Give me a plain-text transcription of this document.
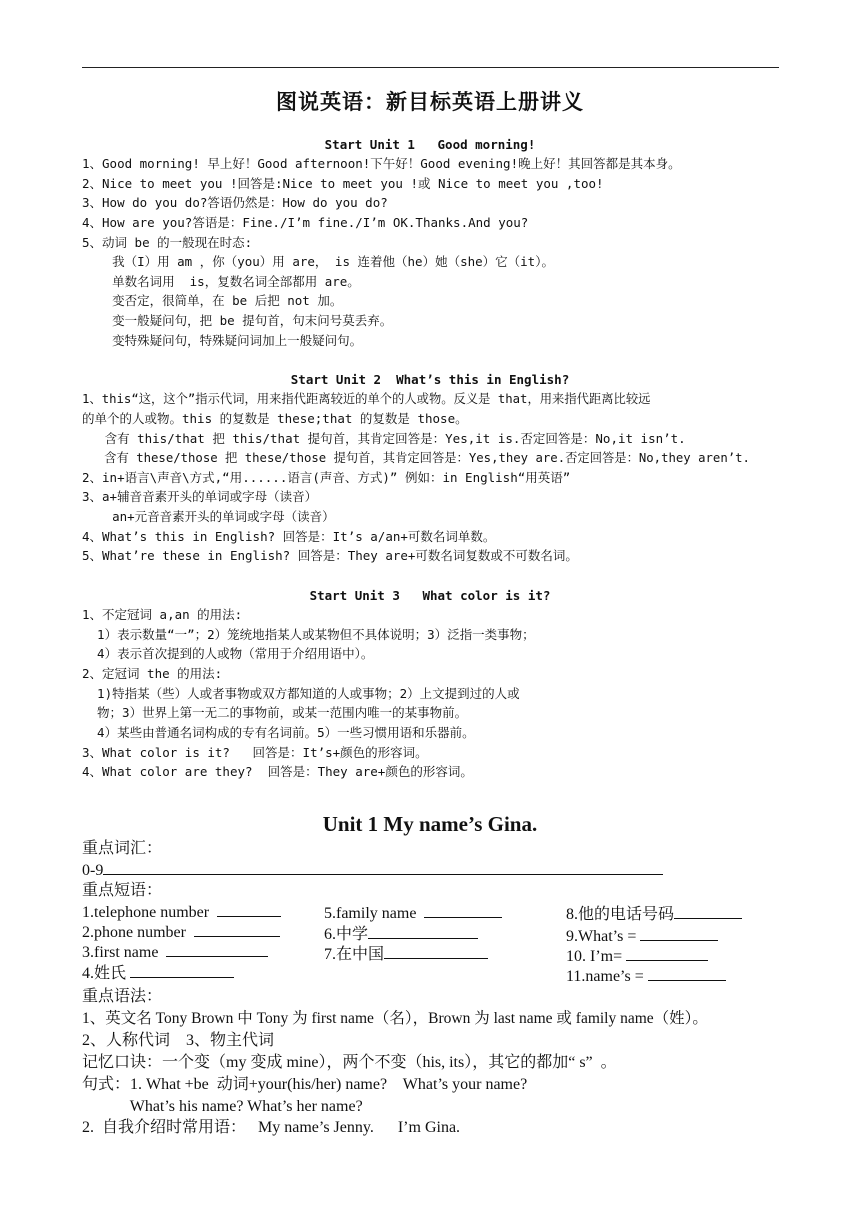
图说英语：新目标英语上册讲义
Start Unit 1   Good morning!
1、Good morning! 早上好！Good afternoon!下午好！Good evening!晚上好！其回答都是其本身。
2、Nice to meet you !回答是:Nice to meet you !或 Nice to meet you ,too!
3、How do you do?答语仍然是：How do you do?
4、How are you?答语是：Fine./I’m fine./I’m OK.Thanks.And you?
5、动词 be 的一般现在时态:
我（I）用 am ，你（you）用 are， is 连着他（he）她（she）它（it）。
单数名词用  is，复数名词全部都用 are。
变否定，很简单，在 be 后把 not 加。
变一般疑问句，把 be 提句首，句末问号莫丢弃。
变特殊疑问句，特殊疑问词加上一般疑问句。
Start Unit 2  What’s this in English?
1、this“这，这个”指示代词，用来指代距离较近的单个的人或物。反义是 that，用来指代距离比较远
的单个的人或物。this 的复数是 these;that 的复数是 those。
含有 this/that 把 this/that 提句首，其肯定回答是：Yes,it is.否定回答是：No,it isn’t.
含有 these/those 把 these/those 提句首，其肯定回答是：Yes,they are.否定回答是：No,they aren’t.
2、in+语言\声音\方式,“用......语言(声音、方式)” 例如：in English“用英语”
3、a+辅音音素开头的单词或字母（读音）
an+元音音素开头的单词或字母（读音）
4、What’s this in English? 回答是：It’s a/an+可数名词单数。
5、What’re these in English? 回答是：They are+可数名词复数或不可数名词。
Start Unit 3   What color is it?
1、不定冠词 a,an 的用法:
1）表示数量“一”；2）笼统地指某人或某物但不具体说明；3）泛指一类事物；
4）表示首次提到的人或物（常用于介绍用语中）。
2、定冠词 the 的用法:
1)特指某（些）人或者事物或双方都知道的人或事物；2）上文提到过的人或
物；3）世界上第一无二的事物前，或某一范围内唯一的某事物前。
4）某些由普通名词构成的专有名词前。5）一些习惯用语和乐器前。
3、What color is it?   回答是：It’s+颜色的形容词。
4、What color are they?  回答是：They are+颜色的形容词。
Unit 1 My name’s Gina.
重点词汇：
0-9
重点短语：
1.telephone number
2.phone number
3.first name
4.姓氏
5.family name
6.中学
7.在中国
8.他的电话号码
9.What’s =
10. I’m=
11.name’s =
重点语法：
1、英文名 Tony Brown 中 Tony 为 first name（名），Brown 为 last name 或 family name（姓）。
2、人称代词    3、物主代词
记忆口诀：一个变（my 变成 mine），两个不变（his, its），其它的都加“ s”  。
句式：1. What +be  动词+your(his/her) name?    What’s your name?
What’s his name? What’s her name?
2.  自我介绍时常用语：   My name’s Jenny.      I’m Gina.
